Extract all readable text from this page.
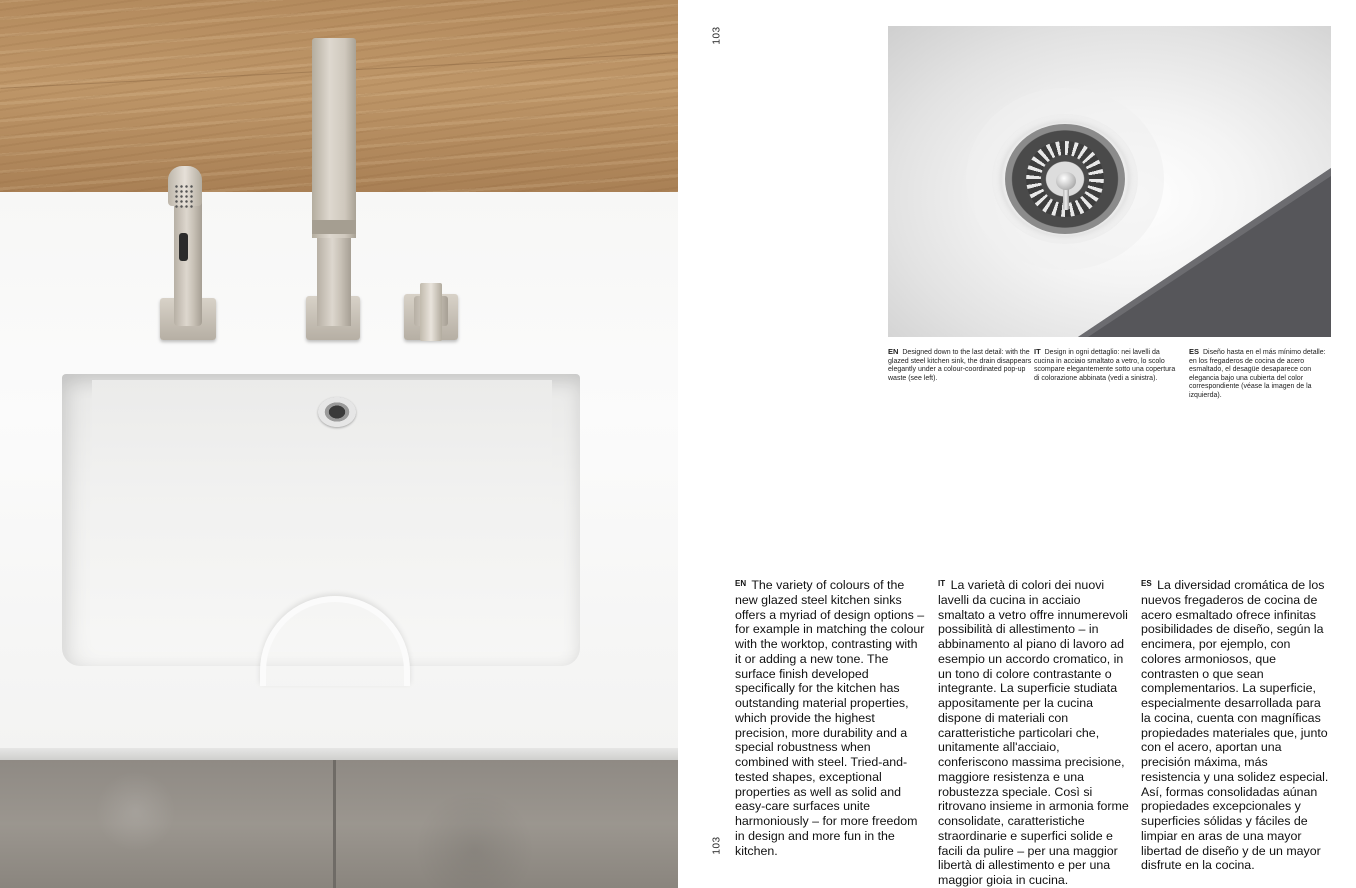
103
103
EN Designed down to the last detail: with the glazed steel kitchen sink, the drain disappears elegantly under a colour-coordinated pop-up waste (see left).
IT Design in ogni dettaglio: nei lavelli da cucina in acciaio smaltato a vetro, lo scolo scompare elegantemente sotto una copertura di colorazione abbinata (vedi a sinistra).
ES Diseño hasta en el más mínimo detalle: en los fregaderos de cocina de acero esmaltado, el desagüe desaparece con elegancia bajo una cubierta del color correspondiente (véase la imagen de la izquierda).
$^{EN}$ The variety of colours of the new glazed steel kitchen sinks offers a myriad of design options – for example in matching the colour with the worktop, contrasting with it or adding a new tone. The surface finish developed specifically for the kitchen has outstanding material properties, which provide the highest precision, more durability and a special robustness when combined with steel. Tried-and-tested shapes, exceptional properties as well as solid and easy-care surfaces unite harmoniously – for more freedom in design and more fun in the kitchen.
$^{IT}$ La varietà di colori dei nuovi lavelli da cucina in acciaio smaltato a vetro offre innumerevoli possibilità di allestimento – in abbinamento al piano di lavoro ad esempio un accordo cromatico, in un tono di colore contrastante o integrante. La superficie studiata appositamente per la cucina dispone di materiali con caratteristiche particolari che, unitamente all'acciaio, conferiscono massima precisione, maggiore resistenza e una robustezza speciale. Così si ritrovano insieme in armonia forme consolidate, caratteristiche straordinarie e superfici solide e facili da pulire – per una maggior libertà di allestimento e per una maggior gioia in cucina.
$^{ES}$ La diversidad cromática de los nuevos fregaderos de cocina de acero esmaltado ofrece infinitas posibilidades de diseño, según la encimera, por ejemplo, con colores armoniosos, que contrasten o que sean complementarios. La superficie, especialmente desarrollada para la cocina, cuenta con magníficas propiedades materiales que, junto con el acero, aportan una precisión máxima, más resistencia y una solidez especial. Así, formas consolidadas aúnan propiedades excepcionales y superficies sólidas y fáciles de limpiar en aras de una mayor libertad de diseño y de un mayor disfrute en la cocina.
